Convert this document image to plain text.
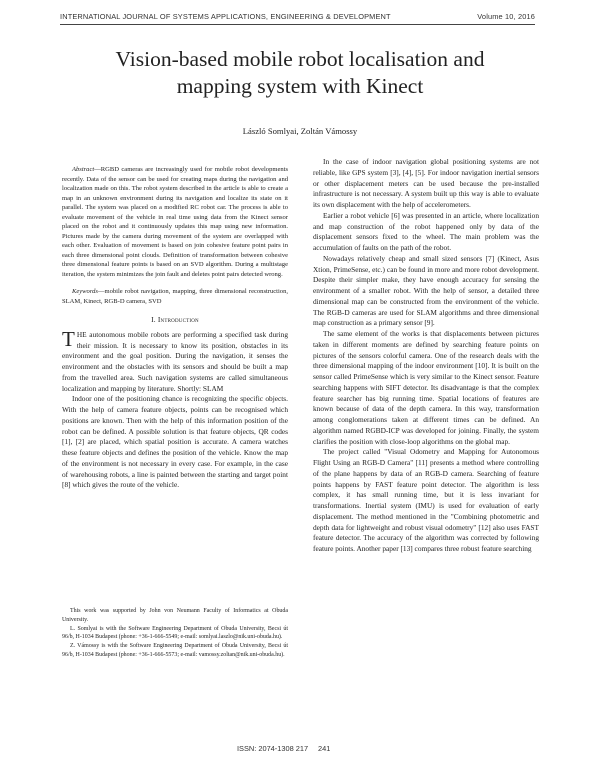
INTERNATIONAL JOURNAL OF SYSTEMS APPLICATIONS, ENGINEERING & DEVELOPMENT	Volume 10, 2016
Vision-based mobile robot localisation and
mapping system with Kinect
László Somlyai, Zoltán Vámossy

Abstract—RGBD cameras are increasingly used for mobile robot developments recently. Data of the sensor can be used for creating maps during the navigation and localization made on this. The robot system described in the article is able to create a map in an unknown environment during its navigation and localize its state on it parallel. The system was placed on a modified RC robot car. The process is able to evaluate movement of the vehicle in real time using data from the Kinect sensor placed on the robot and it continuously updates this map using new information. Pictures made by the camera during movement of the system are overlapped with each other. Evaluation of movement is based on join cohesive feature point pairs in each three dimensional point clouds. Definition of transformation between cohesive three dimensional feature points is based on an SVD algorithm. During a multistage iteration, the system minimizes the join fault and deletes point pairs detected wrong.

Keywords—mobile robot navigation, mapping, three dimensional reconstruction, SLAM, Kinect, RGB-D camera, SVD

I. Introduction

THE autonomous mobile robots are performing a specified task during their mission. It is necessary to know its position, obstacles in its environment and the goal position. During the navigation, it senses the environment and the obstacles with its sensors and should be built a map from the travelled area. Such navigation systems are called simultaneous localization and mapping by literature. Shortly: SLAM

Indoor one of the positioning chance is recognizing the specific objects. With the help of camera feature objects, points can be recognised which positions are known. Then with the help of this information position of the robot can be defined. A possible solution is that feature objects, QR codes [1], [2] are placed, which spatial position is accurate. A camera watches these feature objects and defines the position of the vehicle. Know the map of the environment is not necessary in every case. For example, in the case of warehousing robots, a line is painted between the starting and target point [8] which gives the route of the vehicle.

This work was supported by John von Neumann Faculty of Informatics at Obuda University.

L. Somlyai is with the Software Engineering Department of Obuda University, Becsi út 96/b, H-1034 Budapest (phone: +36-1-666-5549; e-mail: somlyai.laszlo@nik.uni-obuda.hu).

Z. Vámossy is with the Software Engineering Department of Obuda University, Becsi út 96/b, H-1034 Budapest (phone: +36-1-666-5573; e-mail: vamossy.zoltan@nik.uni-obuda.hu).

In the case of indoor navigation global positioning systems are not reliable, like GPS system [3], [4], [5]. For indoor navigation inertial sensors or other displacement meters can be used because the pre-installed infrastructure is not necessary. A system built up this way is able to evaluate its own displacement with the help of accelerometers.

Earlier a robot vehicle [6] was presented in an article, where localization and map construction of the robot happened only by data of the displacement sensors fixed to the wheel. The main problem was the accumulation of faults on the path of the robot.

Nowadays relatively cheap and small sized sensors [7] (Kinect, Asus Xtion, PrimeSense, etc.) can be found in more and more robot development. Despite their simpler make, they have enough accuracy for sensing the environment of a smaller robot. With the help of sensor, a detailed three dimensional map can be constructed from the environment of the vehicle. The RGB-D cameras are used for SLAM algorithms and three dimensional map construction as a primary sensor [9].

The same element of the works is that displacements between pictures taken in different moments are defined by searching feature points on pictures of the sensors colorful camera. One of the research deals with the three dimensional mapping of the indoor environment [10]. It is built on the sensor called PrimeSense which is very similar to the Kinect sensor. Feature searching happens with SIFT detector. Its disadvantage is that the complex feature searcher has big running time. Spatial locations of features are known because of data of the depth camera. In this way, transformation among conglomerations taken at different times can be defined. An algorithm named RGBD-ICP was developed for joining. Finally, the system clarifies the position with close-loop algorithms on the global map.

The project called "Visual Odometry and Mapping for Autonomous Flight Using an RGB-D Camera" [11] presents a method where controlling of the plane happens by data of an RGB-D camera. Searching of feature points happens by FAST feature point detector. The algorithm is less complex, it has small running time, but it is less invariant for transformations. Inertial system (IMU) is used for evaluation of early displacement. The method mentioned in the "Combining photometric and depth data for lightweight and robust visual odometry" [12] also uses FAST feature detector. The accuracy of the algorithm was corrected by following feature points. Another paper [13] compares three robust feature searching

ISSN: 2074-1308 217 241
